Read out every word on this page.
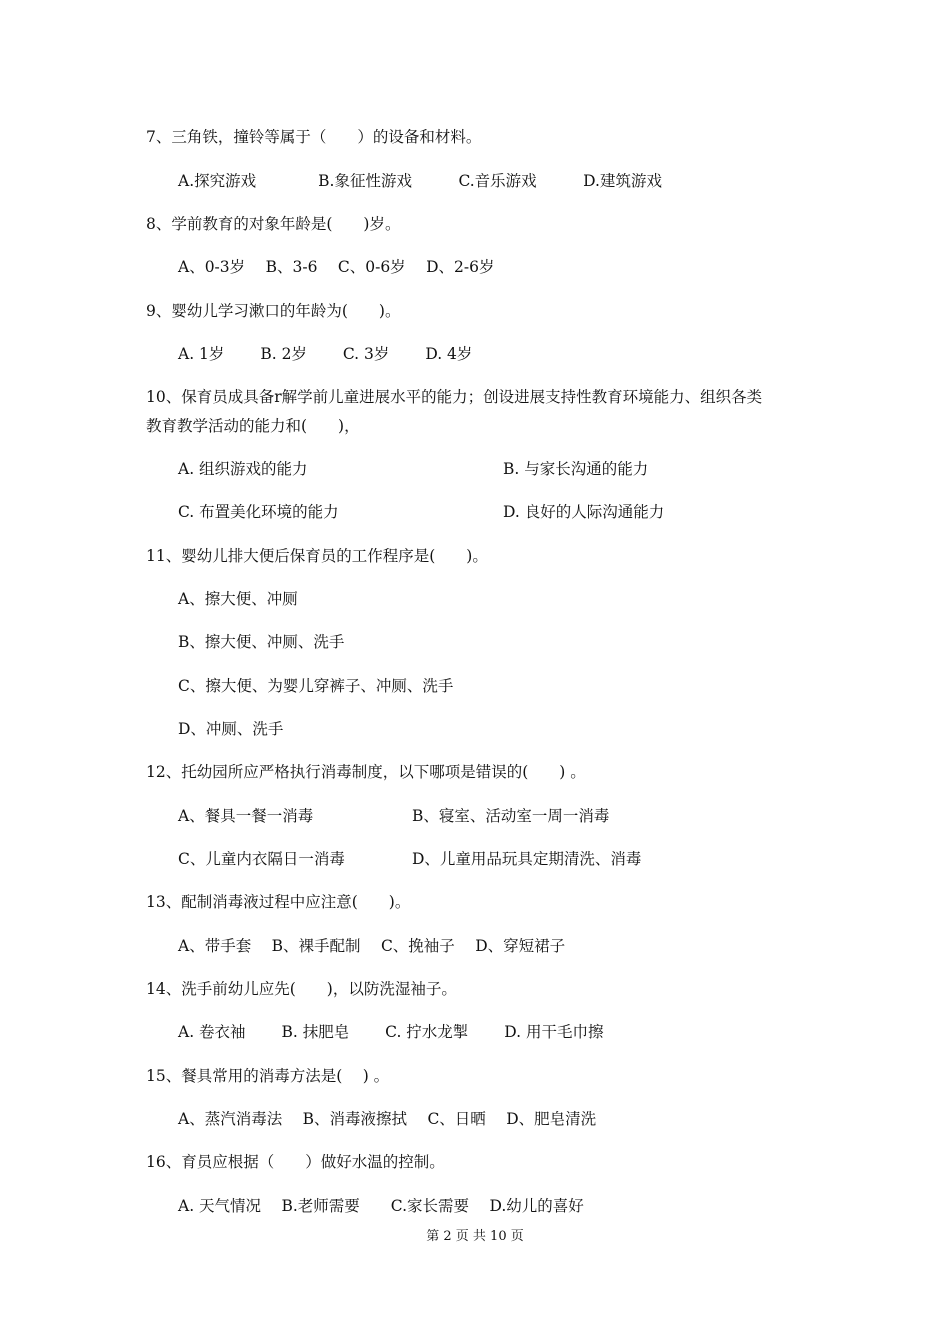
7、三角铁，撞铃等属于（　　）的设备和材料。
A.探究游戏　　　　B.象征性游戏　　　C.音乐游戏　　　D.建筑游戏
8、学前教育的对象年龄是(　　)岁。
A、0-3岁　 B、3-6　 C、0-6岁　 D、2-6岁
9、婴幼儿学习漱口的年龄为(　　)。
A. 1岁　　 B. 2岁　　 C. 3岁　　 D. 4岁
10、保育员成具备r解学前儿童进展水平的能力；创设进展支持性教育环境能力、组织各类
教育教学活动的能力和(　　)，
A. 组织游戏的能力	B. 与家长沟通的能力
C. 布置美化环境的能力	D. 良好的人际沟通能力
11、婴幼儿排大便后保育员的工作程序是(　　)。
A、擦大便、冲厕
B、擦大便、冲厕、洗手
C、擦大便、为婴儿穿裤子、冲厕、洗手
D、冲厕、洗手
12、托幼园所应严格执行消毒制度，以下哪项是错误的(　　) 。
A、餐具一餐一消毒	B、寝室、活动室一周一消毒
C、儿童内衣隔日一消毒	D、儿童用品玩具定期清洗、消毒
13、配制消毒液过程中应注意(　　)。
A、带手套　 B、裸手配制　 C、挽袖子　 D、穿短裙子
14、洗手前幼儿应先(　　)，以防洗湿袖子。
A. 卷衣袖　　 B. 抹肥皂　　 C. 拧水龙掣　　 D. 用干毛巾擦
15、餐具常用的消毒方法是(　 ) 。
A、蒸汽消毒法　 B、消毒液擦拭　 C、日晒　 D、肥皂清洗
16、育员应根据（　　）做好水温的控制。
A. 天气情况　 B.老师需要　　C.家长需要　 D.幼儿的喜好
第 2 页 共 10 页
